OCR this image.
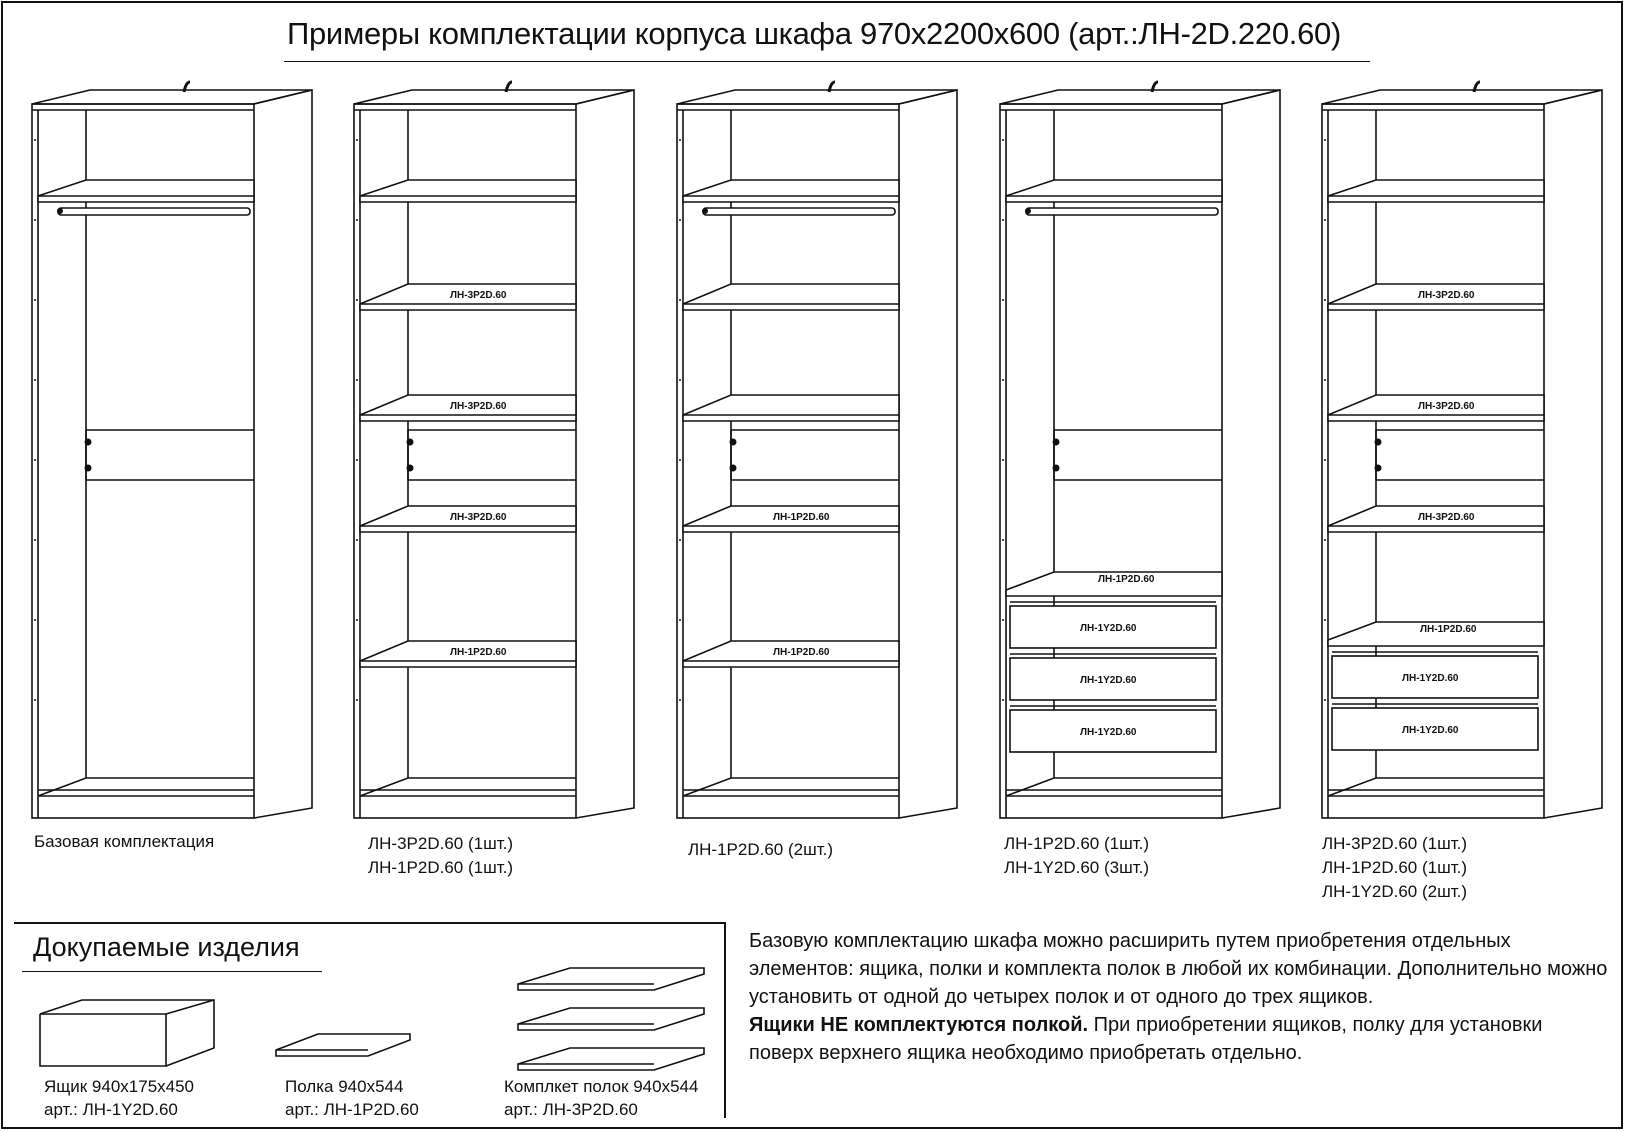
Примеры комплектации корпуса шкафа 970х2200х600 (арт.:ЛН-2D.220.60)
ЛН-3Р2D.60
ЛН-3Р2D.60
ЛН-3Р2D.60
ЛН-1Р2D.60
ЛН-1Р2D.60
ЛН-1Р2D.60
ЛН-1Р2D.60
ЛН-1Y2D.60
ЛН-1Y2D.60
ЛН-1Y2D.60
ЛН-3Р2D.60
ЛН-3Р2D.60
ЛН-3Р2D.60
ЛН-1Р2D.60
ЛН-1Y2D.60
ЛН-1Y2D.60
Базовая комплектация	ЛН-3Р2D.60 (1шт.)
ЛН-1Р2D.60 (1шт.)
ЛН-1Р2D.60 (2шт.)	ЛН-1Р2D.60 (1шт.)
ЛН-1Y2D.60 (3шт.)
ЛН-3Р2D.60 (1шт.)
ЛН-1Р2D.60 (1шт.)
ЛН-1Y2D.60 (2шт.)
Докупаемые изделия
Ящик 940х175х450
арт.: ЛН-1Y2D.60
Полка 940х544
арт.: ЛН-1Р2D.60
Комплкет полок 940х544
арт.: ЛН-3Р2D.60
Базовую комплектацию шкафа можно расширить путем приобретения отдельных элементов: ящика, полки и комплекта полок в любой их комбинации. Дополнительно можно установить от одной до четырех полок и от одного до трех ящиков.
Ящики НЕ комплектуются полкой. При приобретении ящиков, полку для установки поверх верхнего ящика необходимо приобретать отдельно.
